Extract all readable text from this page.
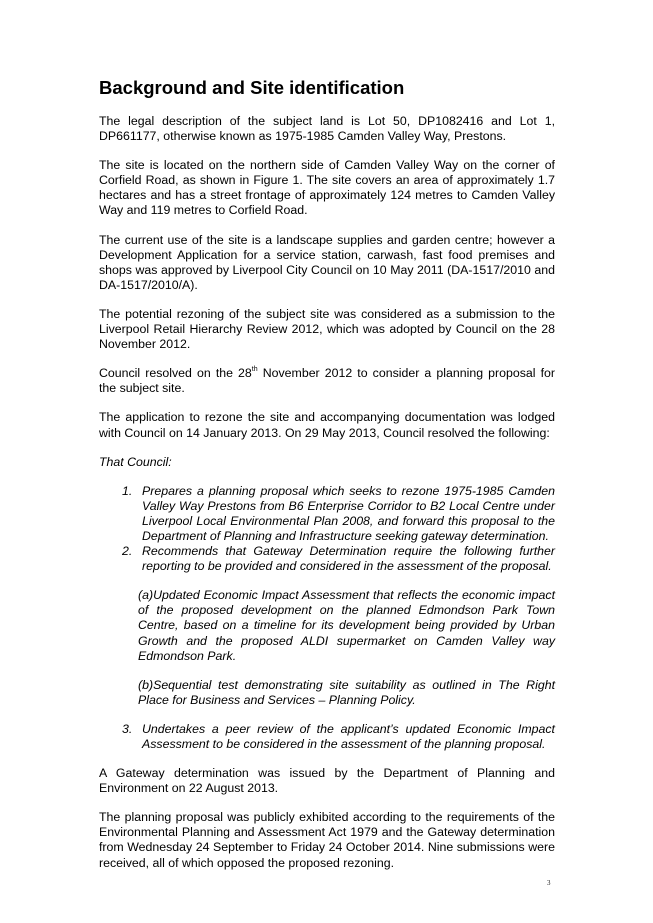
Background and Site identification

The legal description of the subject land is Lot 50, DP1082416 and Lot 1, DP661177, otherwise known as 1975-1985 Camden Valley Way, Prestons.

The site is located on the northern side of Camden Valley Way on the corner of Corfield Road, as shown in Figure 1. The site covers an area of approximately 1.7 hectares and has a street frontage of approximately 124 metres to Camden Valley Way and 119 metres to Corfield Road.

The current use of the site is a landscape supplies and garden centre; however a Development Application for a service station, carwash, fast food premises and shops was approved by Liverpool City Council on 10 May 2011 (DA-1517/2010 and DA-1517/2010/A).

The potential rezoning of the subject site was considered as a submission to the Liverpool Retail Hierarchy Review 2012, which was adopted by Council on the 28 November 2012.

Council resolved on the 28th November 2012 to consider a planning proposal for the subject site.

The application to rezone the site and accompanying documentation was lodged with Council on 14 January 2013. On 29 May 2013, Council resolved the following:

That Council:

1. Prepares a planning proposal which seeks to rezone 1975-1985 Camden Valley Way Prestons from B6 Enterprise Corridor to B2 Local Centre under Liverpool Local Environmental Plan 2008, and forward this proposal to the Department of Planning and Infrastructure seeking gateway determination.
2. Recommends that Gateway Determination require the following further reporting to be provided and considered in the assessment of the proposal.
(a)Updated Economic Impact Assessment that reflects the economic impact of the proposed development on the planned Edmondson Park Town Centre, based on a timeline for its development being provided by Urban Growth and the proposed ALDI supermarket on Camden Valley way Edmondson Park.
(b)Sequential test demonstrating site suitability as outlined in The Right Place for Business and Services – Planning Policy.
3. Undertakes a peer review of the applicant’s updated Economic Impact Assessment to be considered in the assessment of the planning proposal.

A Gateway determination was issued by the Department of Planning and Environment on 22 August 2013.

The planning proposal was publicly exhibited according to the requirements of the Environmental Planning and Assessment Act 1979 and the Gateway determination from Wednesday 24 September to Friday 24 October 2014. Nine submissions were received, all of which opposed the proposed rezoning.

3
